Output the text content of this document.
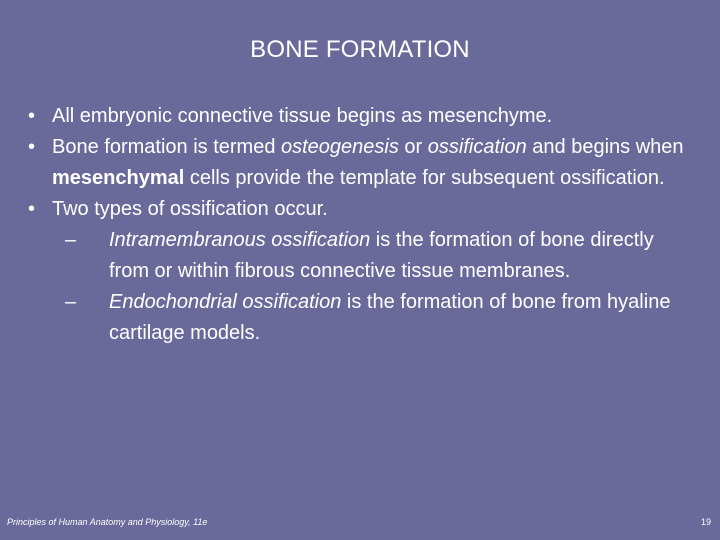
BONE FORMATION
• All embryonic connective tissue begins as mesenchyme.
• Bone formation is termed osteogenesis or ossification and begins when mesenchymal cells provide the template for subsequent ossification.
• Two types of ossification occur.
– Intramembranous ossification is the formation of bone directly from or within fibrous connective tissue membranes.
– Endochondrial ossification is the formation of bone from hyaline cartilage models.
Principles of Human Anatomy and Physiology, 11e	19
